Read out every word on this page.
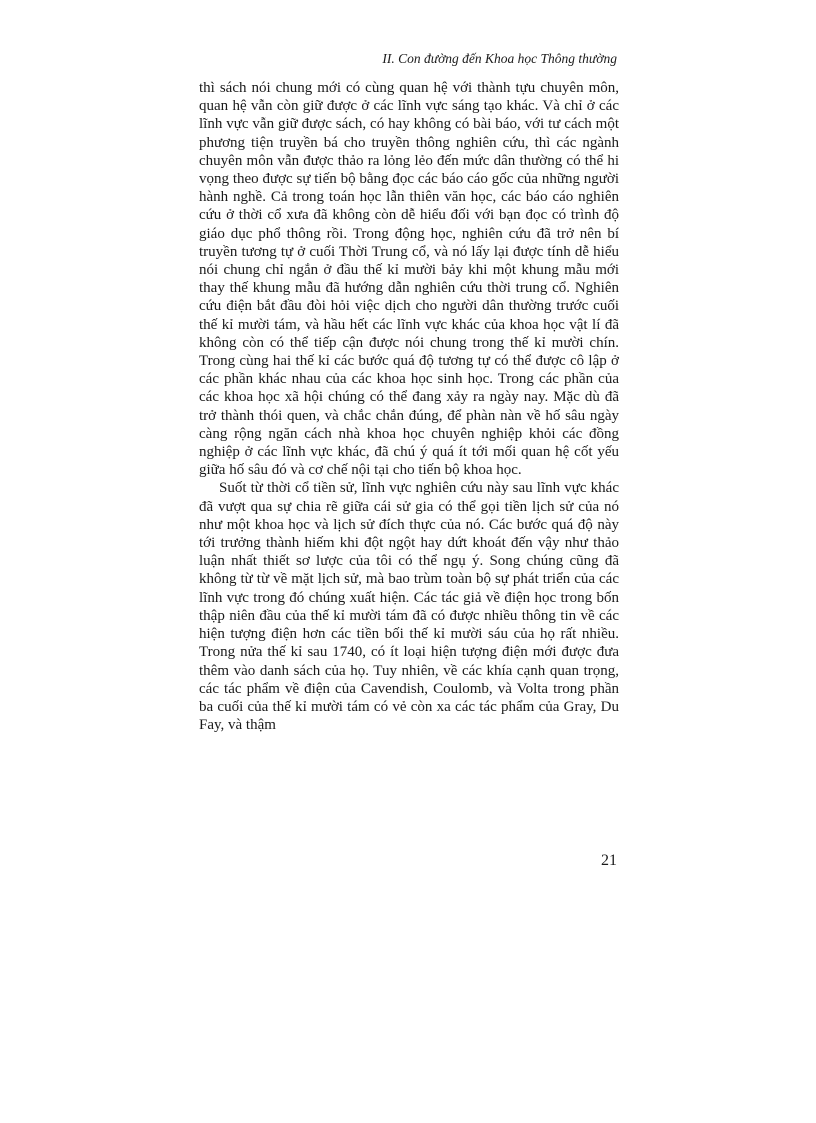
II. Con đường đến Khoa học Thông thường

thì sách nói chung mới có cùng quan hệ với thành tựu chuyên môn, quan hệ vẫn còn giữ được ở các lĩnh vực sáng tạo khác. Và chỉ ở các lĩnh vực vẫn giữ được sách, có hay không có bài báo, với tư cách một phương tiện truyền bá cho truyền thông nghiên cứu, thì các ngành chuyên môn vẫn được thảo ra lỏng lẻo đến mức dân thường có thể hi vọng theo được sự tiến bộ bằng đọc các báo cáo gốc của những người hành nghề. Cả trong toán học lẫn thiên văn học, các báo cáo nghiên cứu ở thời cổ xưa đã không còn dễ hiểu đối với bạn đọc có trình độ giáo dục phổ thông rồi. Trong động học, nghiên cứu đã trở nên bí truyền tương tự ở cuối Thời Trung cổ, và nó lấy lại được tính dễ hiểu nói chung chỉ ngắn ở đầu thế kỉ mười bảy khi một khung mẫu mới thay thế khung mẫu đã hướng dẫn nghiên cứu thời trung cổ. Nghiên cứu điện bắt đầu đòi hỏi việc dịch cho người dân thường trước cuối thế kỉ mười tám, và hầu hết các lĩnh vực khác của khoa học vật lí đã không còn có thể tiếp cận được nói chung trong thế kỉ mười chín. Trong cùng hai thế kỉ các bước quá độ tương tự có thể được cô lập ở các phần khác nhau của các khoa học sinh học. Trong các phần của các khoa học xã hội chúng có thể đang xảy ra ngày nay. Mặc dù đã trở thành thói quen, và chắc chắn đúng, để phàn nàn về hố sâu ngày càng rộng ngăn cách nhà khoa học chuyên nghiệp khỏi các đồng nghiệp ở các lĩnh vực khác, đã chú ý quá ít tới mối quan hệ cốt yếu giữa hố sâu đó và cơ chế nội tại cho tiến bộ khoa học.

Suốt từ thời cổ tiền sử, lĩnh vực nghiên cứu này sau lĩnh vực khác đã vượt qua sự chia rẽ giữa cái sử gia có thể gọi tiền lịch sử của nó như một khoa học và lịch sử đích thực của nó. Các bước quá độ này tới trưởng thành hiếm khi đột ngột hay dứt khoát đến vậy như thảo luận nhất thiết sơ lược của tôi có thể ngụ ý. Song chúng cũng đã không từ từ về mặt lịch sử, mà bao trùm toàn bộ sự phát triển của các lĩnh vực trong đó chúng xuất hiện. Các tác giả về điện học trong bốn thập niên đầu của thế kỉ mười tám đã có được nhiều thông tin về các hiện tượng điện hơn các tiền bối thế kỉ mười sáu của họ rất nhiều. Trong nửa thế kỉ sau 1740, có ít loại hiện tượng điện mới được đưa thêm vào danh sách của họ. Tuy nhiên, về các khía cạnh quan trọng, các tác phẩm về điện của Cavendish, Coulomb, và Volta trong phần ba cuối của thế kỉ mười tám có vẻ còn xa các tác phẩm của Gray, Du Fay, và thậm

21
